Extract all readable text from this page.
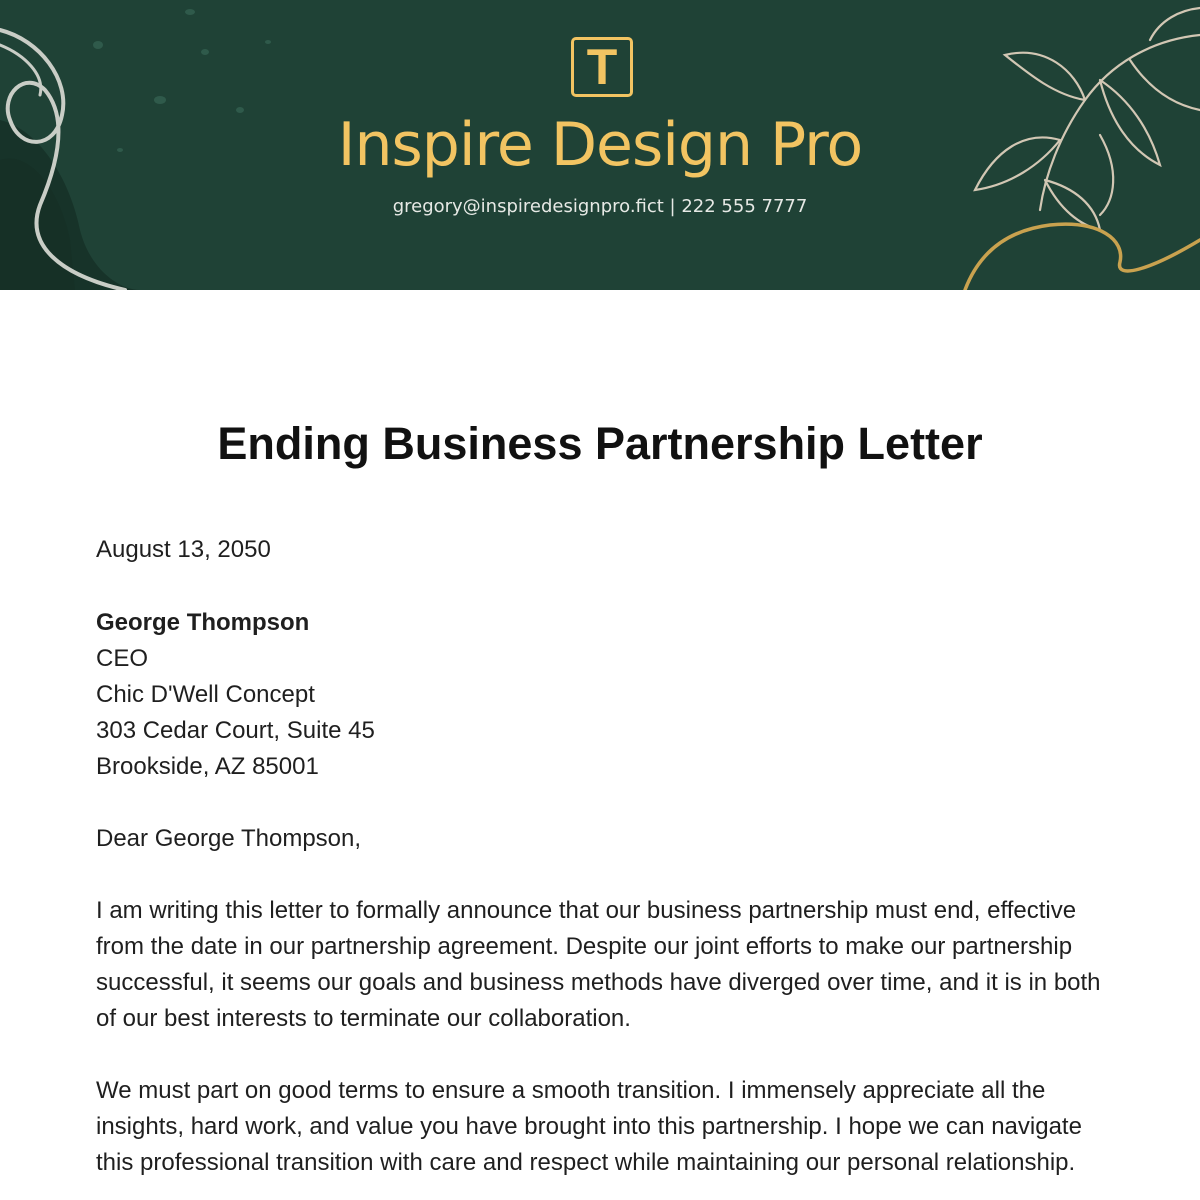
T
Inspire Design Pro
gregory@inspiredesignpro.fict | 222 555 7777
Ending Business Partnership Letter

August 13, 2050

George Thompson
CEO
Chic D'Well Concept
303 Cedar Court, Suite 45
Brookside, AZ 85001

Dear George Thompson,

I am writing this letter to formally announce that our business partnership must end, effective from the date in our partnership agreement. Despite our joint efforts to make our partnership successful, it seems our goals and business methods have diverged over time, and it is in both of our best interests to terminate our collaboration.

We must part on good terms to ensure a smooth transition. I immensely appreciate all the insights, hard work, and value you have brought into this partnership. I hope we can navigate this professional transition with care and respect while maintaining our personal relationship.
